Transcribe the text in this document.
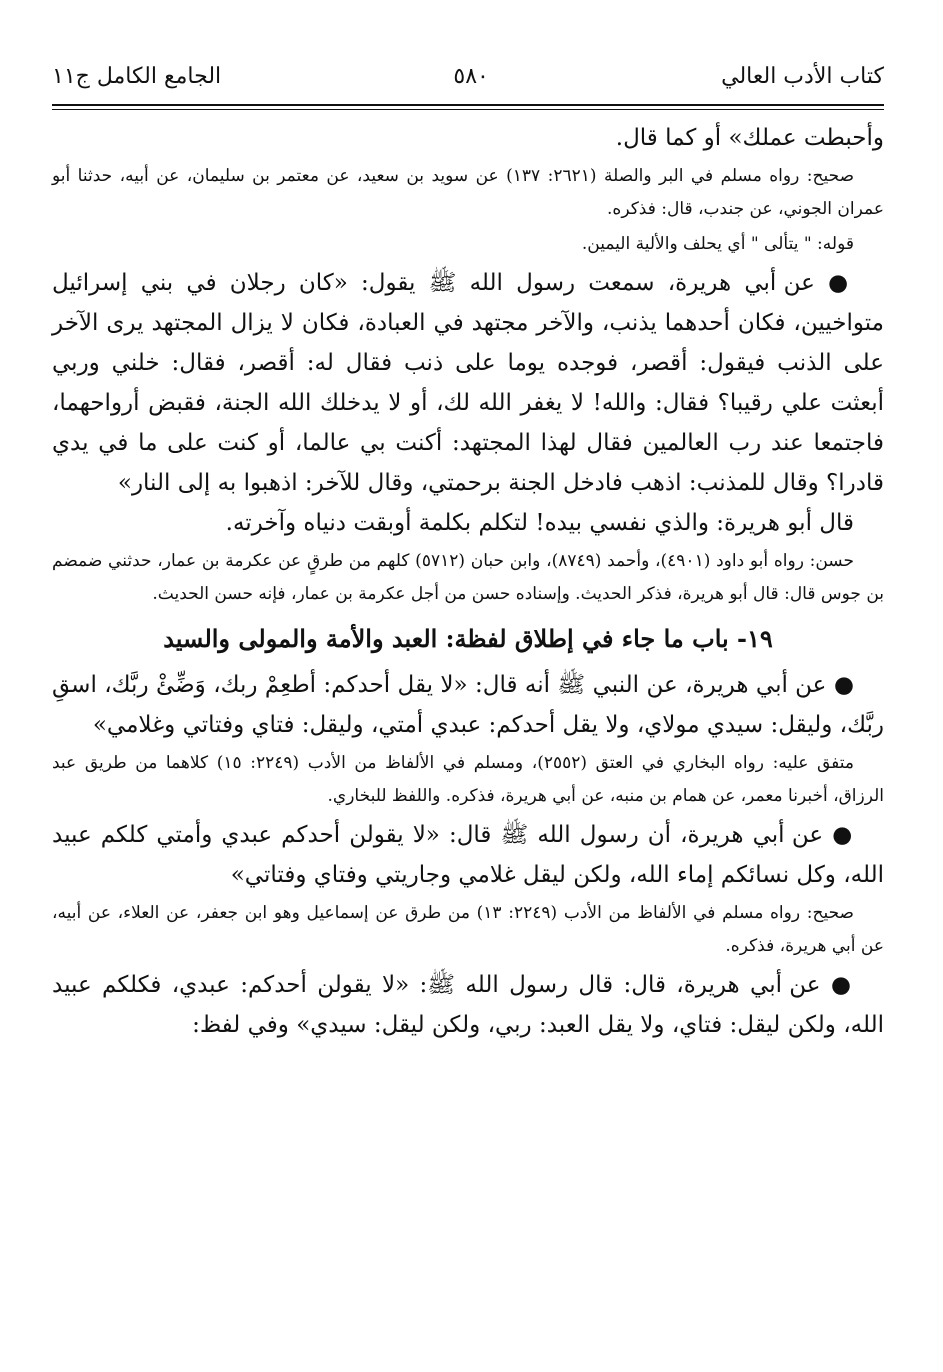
كتاب الأدب العالي
٥٨٠
الجامع الكامل ج١١

وأحبطت عملك» أو كما قال.

صحيح: رواه مسلم في البر والصلة (٢٦٢١: ١٣٧) عن سويد بن سعيد، عن معتمر بن سليمان، عن أبيه، حدثنا أبو عمران الجوني، عن جندب، قال: فذكره.

قوله: " يتألى " أي يحلف والألية اليمين.

● عن أبي هريرة، سمعت رسول الله ﷺ يقول: «كان رجلان في بني إسرائيل متواخيين، فكان أحدهما يذنب، والآخر مجتهد في العبادة، فكان لا يزال المجتهد يرى الآخر على الذنب فيقول: أقصر، فوجده يوما على ذنب فقال له: أقصر، فقال: خلني وربي أبعثت علي رقيبا؟ فقال: والله! لا يغفر الله لك، أو لا يدخلك الله الجنة، فقبض أرواحهما، فاجتمعا عند رب العالمين فقال لهذا المجتهد: أكنت بي عالما، أو كنت على ما في يدي قادرا؟ وقال للمذنب: اذهب فادخل الجنة برحمتي، وقال للآخر: اذهبوا به إلى النار»

قال أبو هريرة: والذي نفسي بيده! لتكلم بكلمة أوبقت دنياه وآخرته.

حسن: رواه أبو داود (٤٩٠١)، وأحمد (٨٧٤٩)، وابن حبان (٥٧١٢) كلهم من طرقٍ عن عكرمة بن عمار، حدثني ضمضم بن جوس قال: قال أبو هريرة، فذكر الحديث. وإسناده حسن من أجل عكرمة بن عمار، فإنه حسن الحديث.

١٩- باب ما جاء في إطلاق لفظة: العبد والأمة والمولى والسيد

● عن أبي هريرة، عن النبي ﷺ أنه قال: «لا يقل أحدكم: أطعِمْ ربك، وَضِّئْ ربَّك، اسقِ ربَّك، وليقل: سيدي مولاي، ولا يقل أحدكم: عبدي أمتي، وليقل: فتاي وفتاتي وغلامي»

متفق عليه: رواه البخاري في العتق (٢٥٥٢)، ومسلم في الألفاظ من الأدب (٢٢٤٩: ١٥) كلاهما من طريق عبد الرزاق، أخبرنا معمر، عن همام بن منبه، عن أبي هريرة، فذكره. واللفظ للبخاري.

● عن أبي هريرة، أن رسول الله ﷺ قال: «لا يقولن أحدكم عبدي وأمتي كلكم عبيد الله، وكل نسائكم إماء الله، ولكن ليقل غلامي وجاريتي وفتاي وفتاتي»

صحيح: رواه مسلم في الألفاظ من الأدب (٢٢٤٩: ١٣) من طرق عن إسماعيل وهو ابن جعفر، عن العلاء، عن أبيه، عن أبي هريرة، فذكره.

● عن أبي هريرة، قال: قال رسول الله ﷺ: «لا يقولن أحدكم: عبدي، فكلكم عبيد الله، ولكن ليقل: فتاي، ولا يقل العبد: ربي، ولكن ليقل: سيدي» وفي لفظ:
